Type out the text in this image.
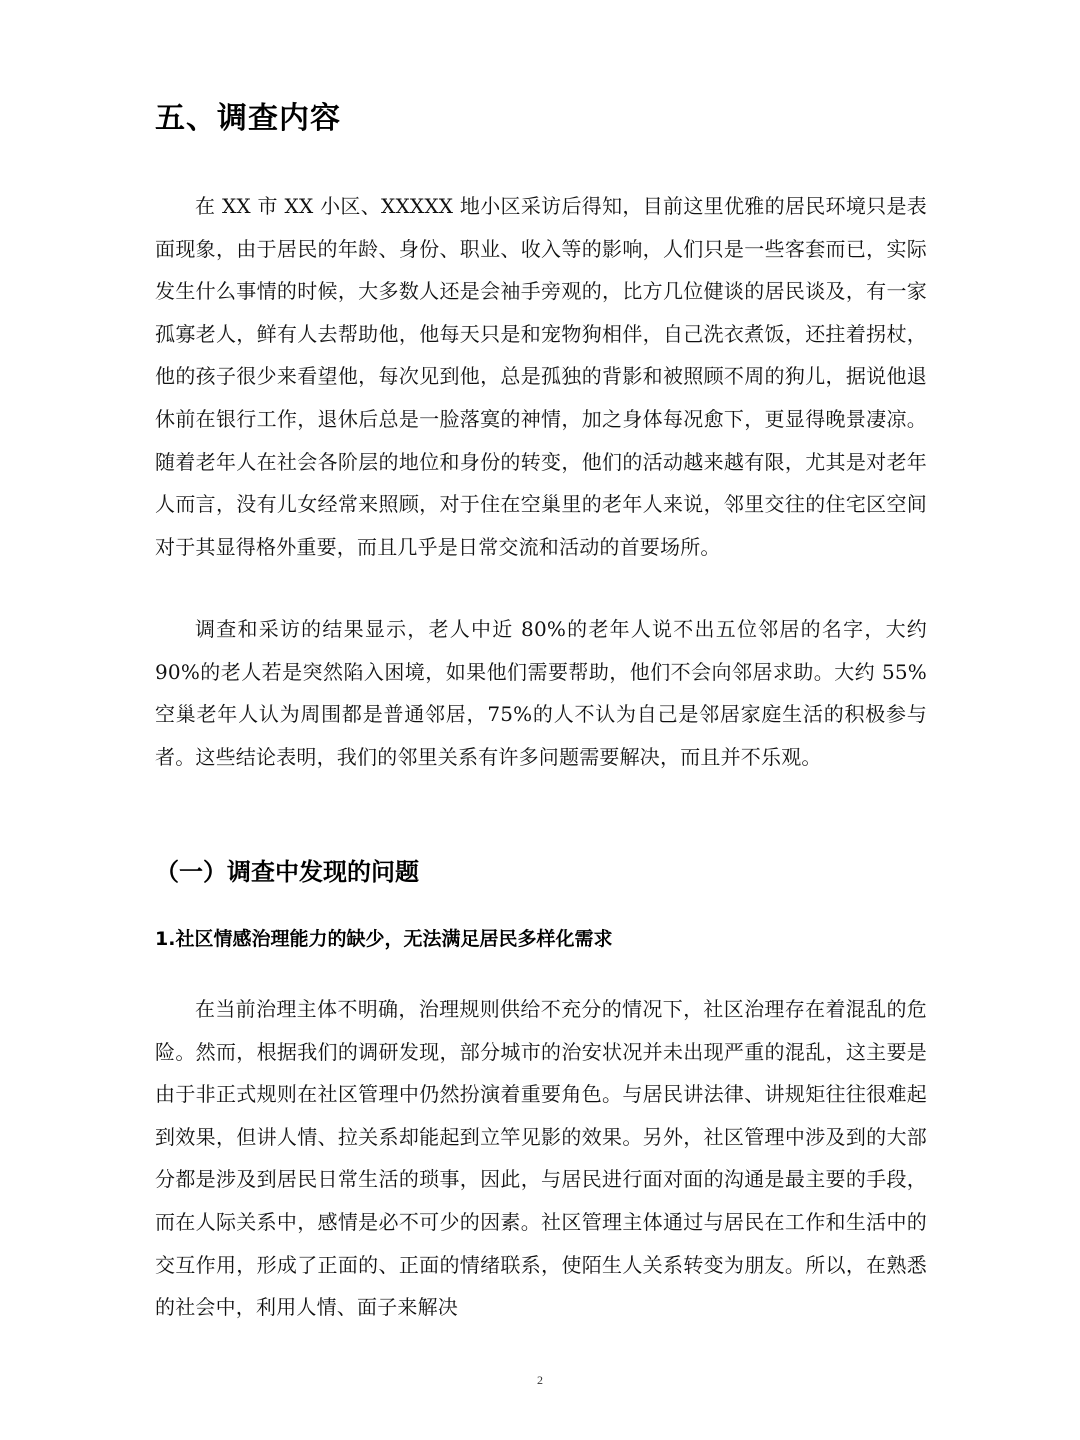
五、调查内容

在 XX 市 XX 小区、XXXXX 地小区采访后得知，目前这里优雅的居民环境只是表面现象，由于居民的年龄、身份、职业、收入等的影响，人们只是一些客套而已，实际发生什么事情的时候，大多数人还是会袖手旁观的，比方几位健谈的居民谈及，有一家孤寡老人，鲜有人去帮助他，他每天只是和宠物狗相伴，自己洗衣煮饭，还拄着拐杖，他的孩子很少来看望他，每次见到他，总是孤独的背影和被照顾不周的狗儿，据说他退休前在银行工作，退休后总是一脸落寞的神情，加之身体每况愈下，更显得晚景凄凉。随着老年人在社会各阶层的地位和身份的转变，他们的活动越来越有限，尤其是对老年人而言，没有儿女经常来照顾，对于住在空巢里的老年人来说，邻里交往的住宅区空间对于其显得格外重要，而且几乎是日常交流和活动的首要场所。

调查和采访的结果显示，老人中近 80%的老年人说不出五位邻居的名字，大约 90%的老人若是突然陷入困境，如果他们需要帮助，他们不会向邻居求助。大约 55%空巢老年人认为周围都是普通邻居，75%的人不认为自己是邻居家庭生活的积极参与者。这些结论表明，我们的邻里关系有许多问题需要解决，而且并不乐观。

（一）调查中发现的问题
1.社区情感治理能力的缺少，无法满足居民多样化需求

在当前治理主体不明确，治理规则供给不充分的情况下，社区治理存在着混乱的危险。然而，根据我们的调研发现，部分城市的治安状况并未出现严重的混乱，这主要是由于非正式规则在社区管理中仍然扮演着重要角色。与居民讲法律、讲规矩往往很难起到效果，但讲人情、拉关系却能起到立竿见影的效果。另外，社区管理中涉及到的大部分都是涉及到居民日常生活的琐事，因此，与居民进行面对面的沟通是最主要的手段，而在人际关系中，感情是必不可少的因素。社区管理主体通过与居民在工作和生活中的交互作用，形成了正面的、正面的情绪联系，使陌生人关系转变为朋友。所以，在熟悉的社会中，利用人情、面子来解决

2
